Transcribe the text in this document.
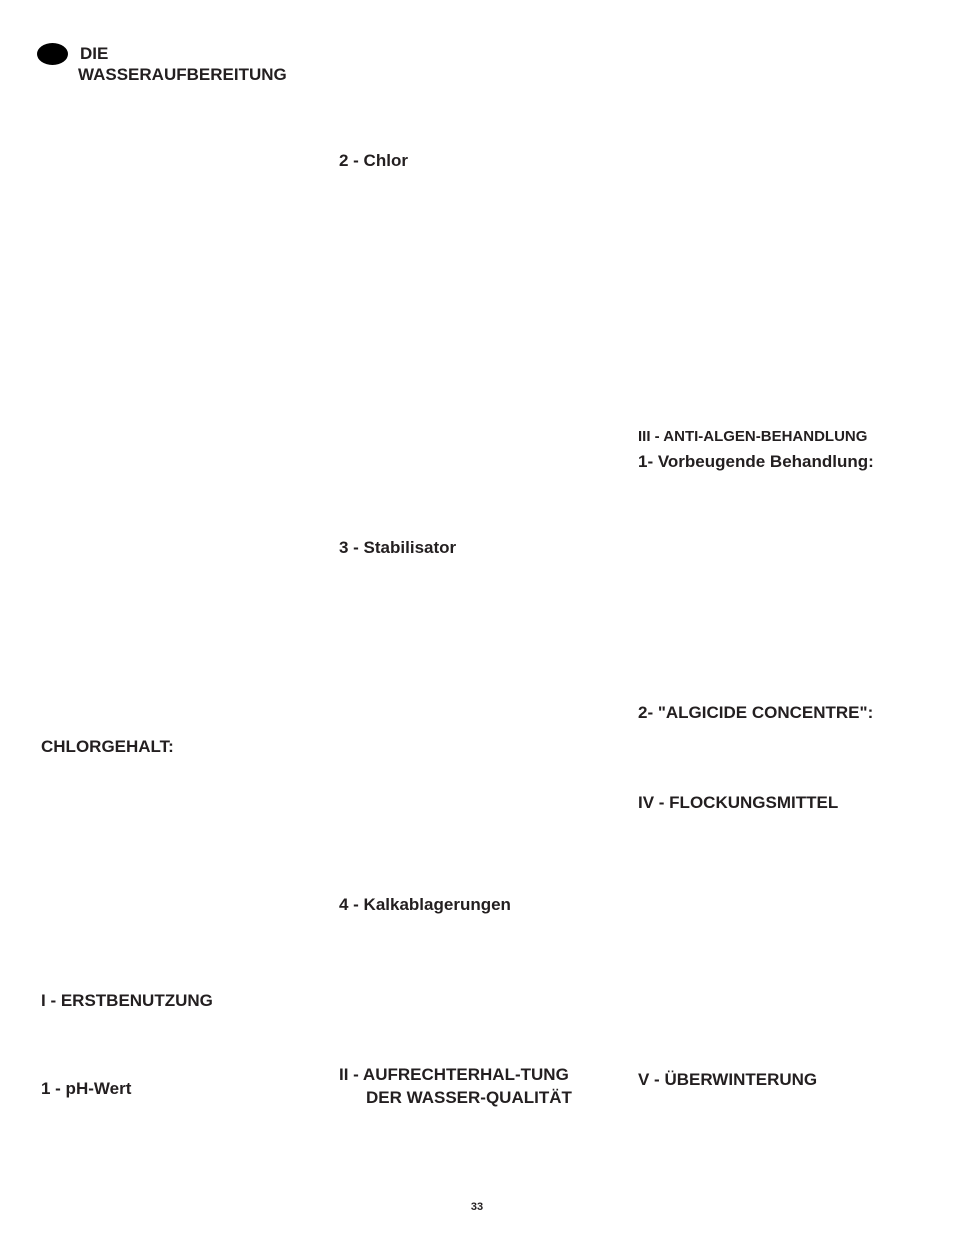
DIE
WASSERAUFBEREITUNG
CHLORGEHALT:
I - ERSTBENUTZUNG
1 - pH-Wert
2 - Chlor
3 - Stabilisator
4 - Kalkablagerungen
II - AUFRECHTERHAL-TUNG
DER WASSER-QUALITÄT
III - ANTI-ALGEN-BEHANDLUNG
1- Vorbeugende Behandlung:
2- "ALGICIDE CONCENTRE":
IV - FLOCKUNGSMITTEL
V - ÜBERWINTERUNG
33
